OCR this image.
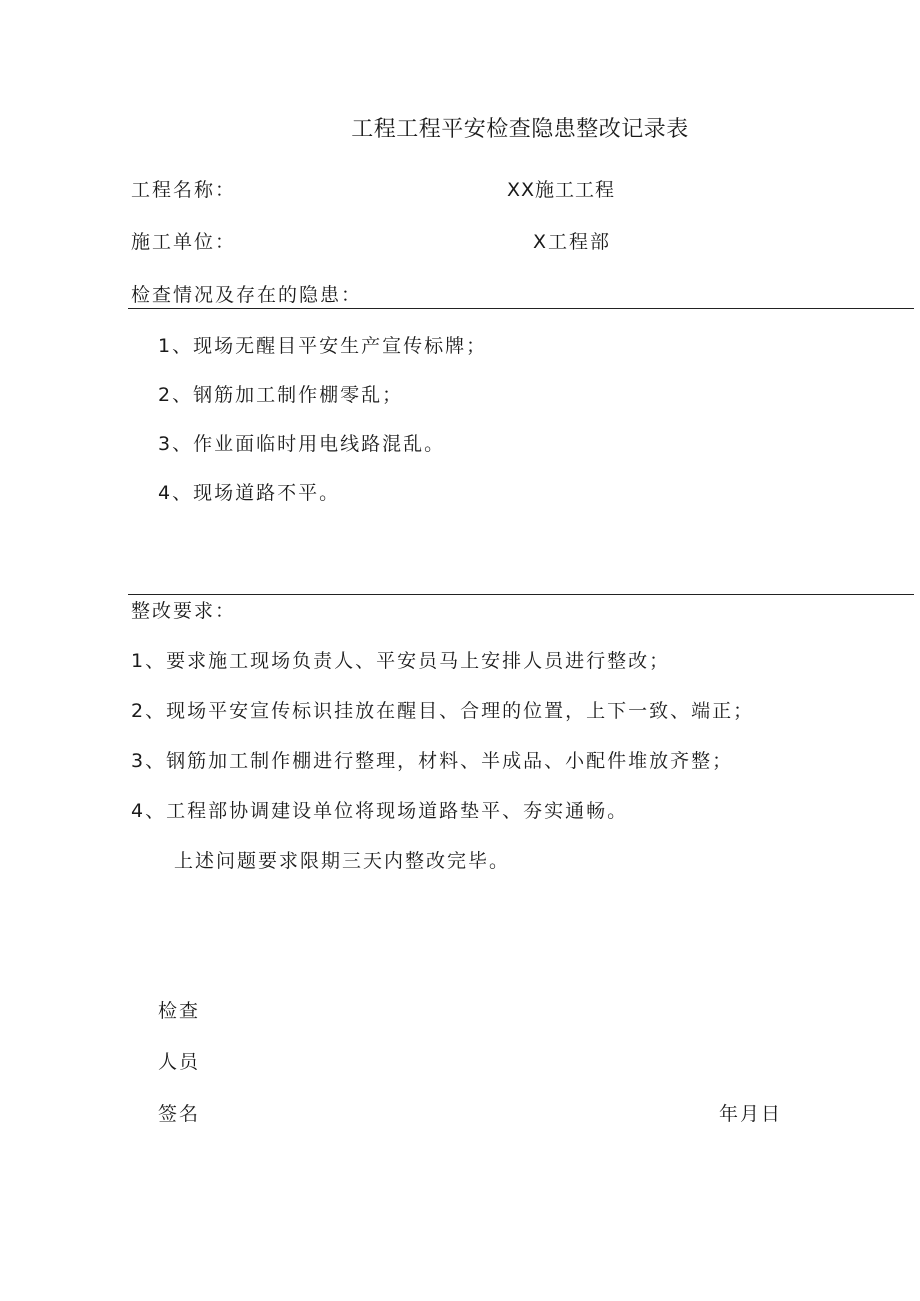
工程工程平安检查隐患整改记录表
工程名称：	XX施工工程
施工单位：	X工程部
检查情况及存在的隐患：
1、现场无醒目平安生产宣传标牌；
2、钢筋加工制作棚零乱；
3、作业面临时用电线路混乱。
4、现场道路不平。
整改要求：
1、要求施工现场负责人、平安员马上安排人员进行整改；
2、现场平安宣传标识挂放在醒目、合理的位置，上下一致、端正；
3、钢筋加工制作棚进行整理，材料、半成品、小配件堆放齐整；
4、工程部协调建设单位将现场道路垫平、夯实通畅。
上述问题要求限期三天内整改完毕。
检查
人员
签名	年月日
